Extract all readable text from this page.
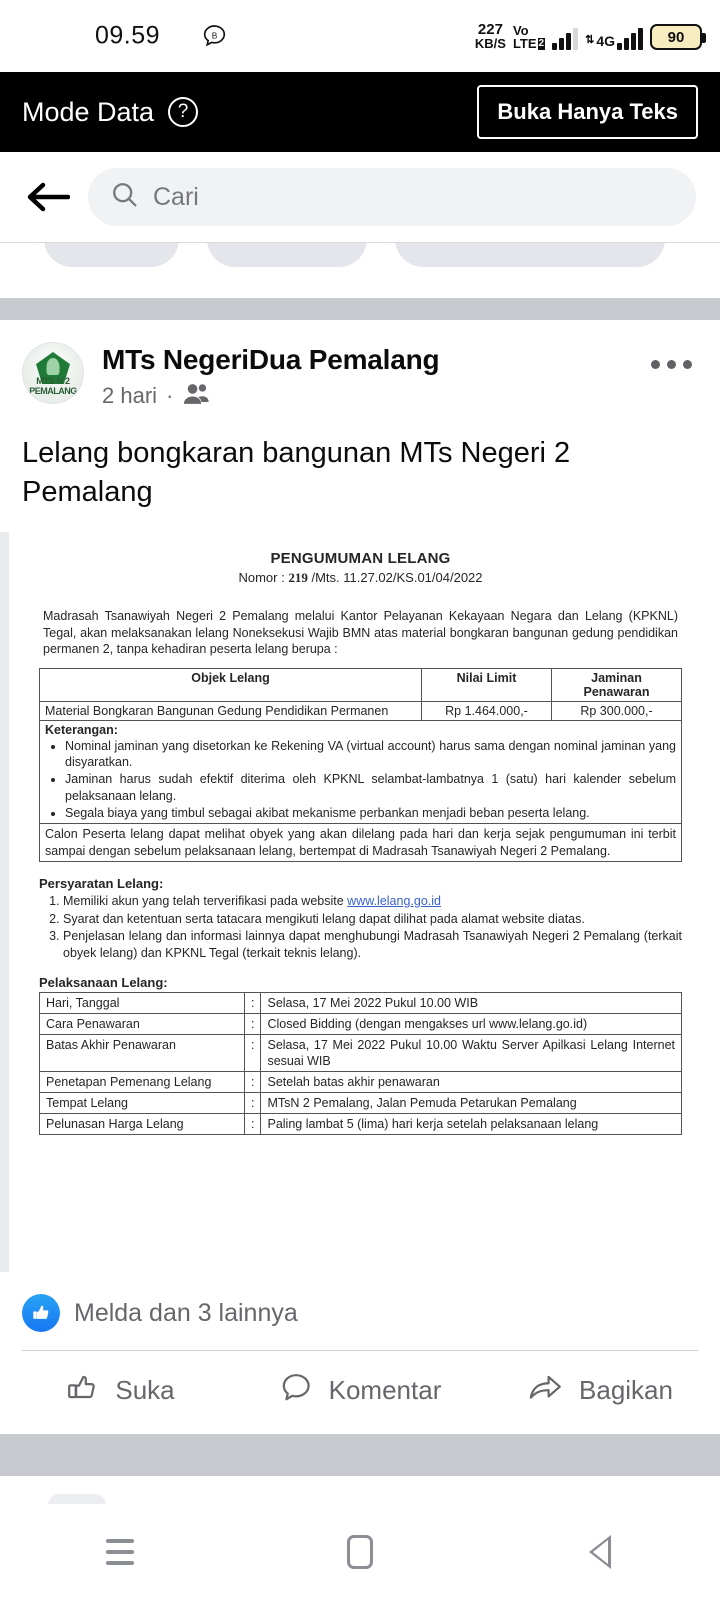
09.59	B	227
KB/S
Vo
LTE 2	⇅ 4G	90
Mode Data	?	Buka Hanya Teks
Cari
MTS N 2
PEMALANG
MTs NegeriDua Pemalang
2 hari ·
Lelang bongkaran bangunan MTs Negeri 2 Pemalang
PENGUMUMAN LELANG
Nomor : 219 /Mts. 11.27.02/KS.01/04/2022
Madrasah Tsanawiyah Negeri 2 Pemalang melalui Kantor Pelayanan Kekayaan Negara dan Lelang (KPKNL) Tegal, akan melaksanakan lelang Noneksekusi Wajib BMN atas material bongkaran bangunan gedung pendidikan permanen 2, tanpa kehadiran peserta lelang berupa :
Objek Lelang	Nilai Limit	Jaminan
Penawaran
Material Bongkaran Bangunan Gedung Pendidikan Permanen	Rp 1.464.000,-	Rp 300.000,-

Keterangan:
• Nominal jaminan yang disetorkan ke Rekening VA (virtual account) harus sama dengan nominal jaminan yang disyaratkan.
• Jaminan harus sudah efektif diterima oleh KPKNL selambat-lambatnya 1 (satu) hari kalender sebelum pelaksanaan lelang.
• Segala biaya yang timbul sebagai akibat mekanisme perbankan menjadi beban peserta lelang.

Calon Peserta lelang dapat melihat obyek yang akan dilelang pada hari dan kerja sejak pengumuman ini terbit sampai dengan sebelum pelaksanaan lelang, bertempat di Madrasah Tsanawiyah Negeri 2 Pemalang.		
Persyaratan Lelang:
1. Memiliki akun yang telah terverifikasi pada website www.lelang.go.id
2. Syarat dan ketentuan serta tatacara mengikuti lelang dapat dilihat pada alamat website diatas.
3. Penjelasan lelang dan informasi lainnya dapat menghubungi Madrasah Tsanawiyah Negeri 2 Pemalang (terkait obyek lelang) dan KPKNL Tegal (terkait teknis lelang).
Pelaksanaan Lelang:
Hari, Tanggal	:	Selasa, 17 Mei 2022 Pukul 10.00 WIB
Cara Penawaran	:	Closed Bidding (dengan mengakses url www.lelang.go.id)
Batas Akhir Penawaran	:	Selasa, 17 Mei 2022 Pukul 10.00 Waktu Server Apilkasi Lelang Internet sesuai WIB
Penetapan Pemenang Lelang	:	Setelah batas akhir penawaran
Tempat Lelang	:	MTsN 2 Pemalang, Jalan Pemuda Petarukan Pemalang
Pelunasan Harga Lelang	:	Paling lambat 5 (lima) hari kerja setelah pelaksanaan lelang
Melda dan 3 lainnya
Suka	Komentar	Bagikan
